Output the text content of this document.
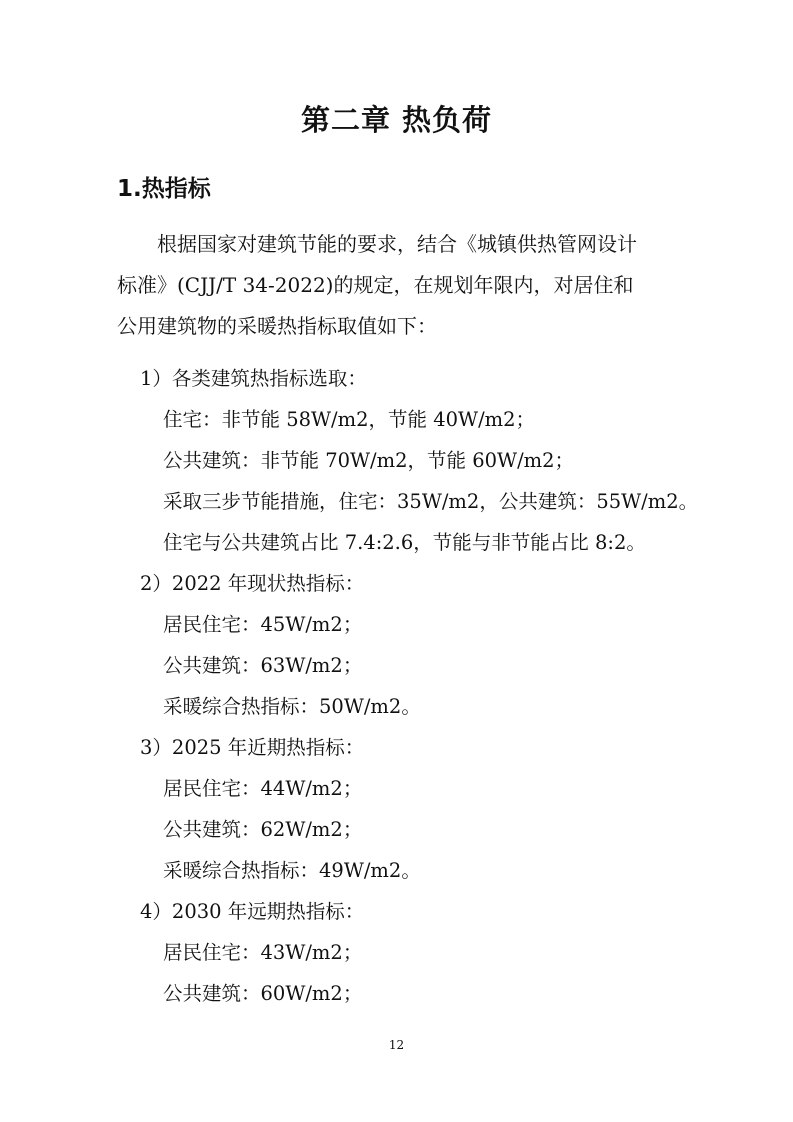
第二章 热负荷
1.热指标

根据国家对建筑节能的要求，结合《城镇供热管网设计
标准》(CJJ/T 34-2022)的规定，在规划年限内，对居住和
公用建筑物的采暖热指标取值如下：

1）各类建筑热指标选取：

住宅：非节能 58W/m2，节能 40W/m2；

公共建筑：非节能 70W/m2，节能 60W/m2；

采取三步节能措施，住宅：35W/m2，公共建筑：55W/m2。

住宅与公共建筑占比 7.4:2.6，节能与非节能占比 8:2。

2）2022 年现状热指标：

居民住宅：45W/m2；

公共建筑：63W/m2；

采暖综合热指标：50W/m2。

3）2025 年近期热指标：

居民住宅：44W/m2；

公共建筑：62W/m2；

采暖综合热指标：49W/m2。

4）2030 年远期热指标：

居民住宅：43W/m2；

公共建筑：60W/m2；

12
